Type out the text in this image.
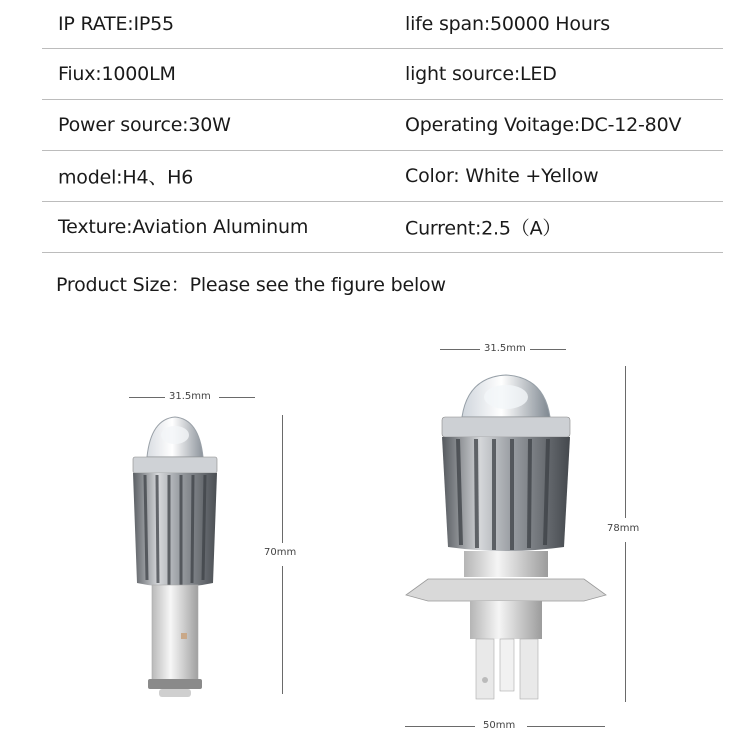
IP RATE:IP55	life span:50000 Hours
Fiux:1000LM	light source:LED
Power source:30W	Operating Voitage:DC-12-80V
model:H4、H6	Color: White +Yellow
Texture:Aviation Aluminum	Current:2.5（A）
Product Size：Please see the figure below
31.5mm
70mm
31.5mm
78mm
50mm
